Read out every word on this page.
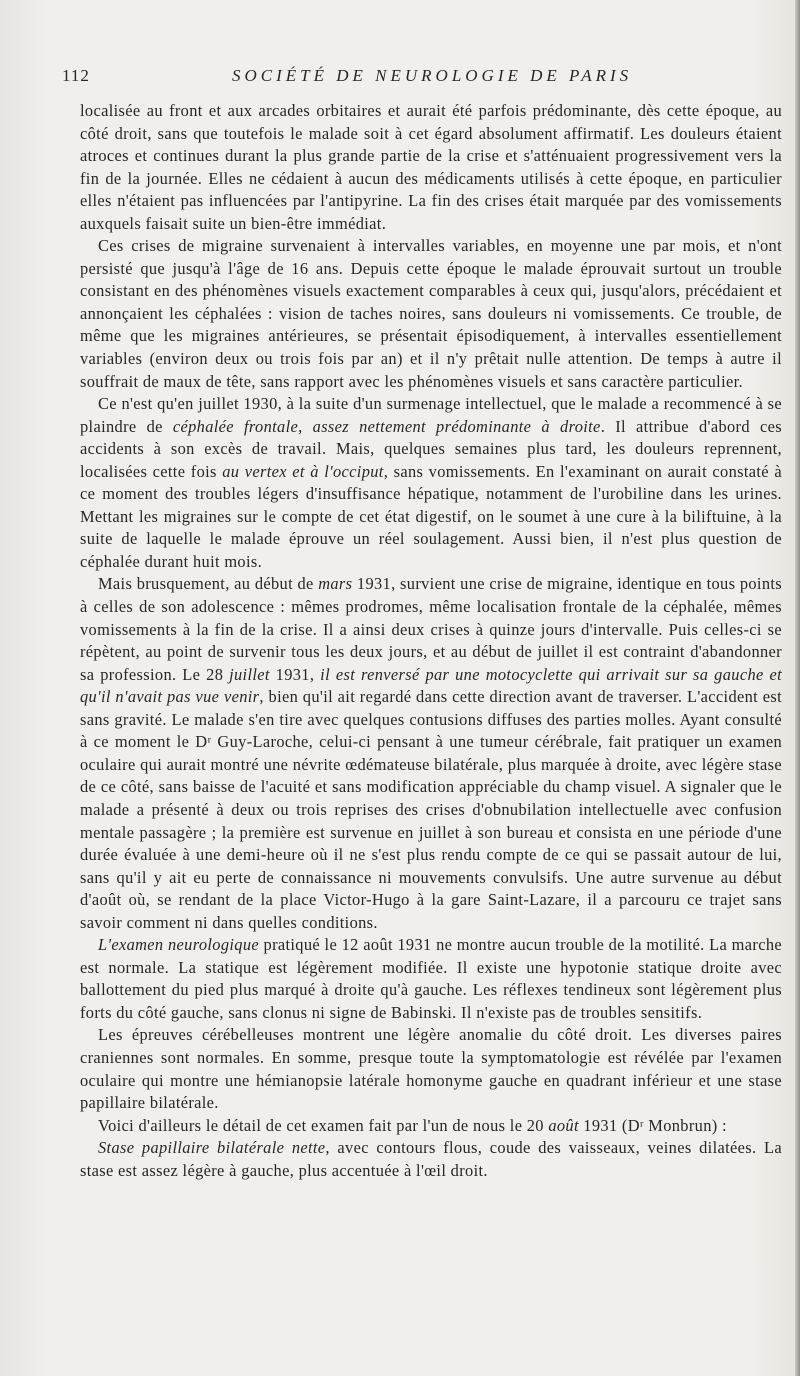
112	SOCIÉTÉ DE NEUROLOGIE DE PARIS

localisée au front et aux arcades orbitaires et aurait été parfois prédominante, dès cette époque, au côté droit, sans que toutefois le malade soit à cet égard absolument affirmatif. Les douleurs étaient atroces et continues durant la plus grande partie de la crise et s'atténuaient progressivement vers la fin de la journée. Elles ne cédaient à aucun des médicaments utilisés à cette époque, en particulier elles n'étaient pas influencées par l'antipyrine. La fin des crises était marquée par des vomissements auxquels faisait suite un bien-être immédiat.

Ces crises de migraine survenaient à intervalles variables, en moyenne une par mois, et n'ont persisté que jusqu'à l'âge de 16 ans. Depuis cette époque le malade éprouvait surtout un trouble consistant en des phénomènes visuels exactement comparables à ceux qui, jusqu'alors, précédaient et annonçaient les céphalées : vision de taches noires, sans douleurs ni vomissements. Ce trouble, de même que les migraines antérieures, se présentait épisodiquement, à intervalles essentiellement variables (environ deux ou trois fois par an) et il n'y prêtait nulle attention. De temps à autre il souffrait de maux de tête, sans rapport avec les phénomènes visuels et sans caractère particulier.

Ce n'est qu'en juillet 1930, à la suite d'un surmenage intellectuel, que le malade a recommencé à se plaindre de céphalée frontale, assez nettement prédominante à droite. Il attribue d'abord ces accidents à son excès de travail. Mais, quelques semaines plus tard, les douleurs reprennent, localisées cette fois au vertex et à l'occiput, sans vomissements. En l'examinant on aurait constaté à ce moment des troubles légers d'insuffisance hépatique, notamment de l'urobiline dans les urines. Mettant les migraines sur le compte de cet état digestif, on le soumet à une cure à la biliftuine, à la suite de laquelle le malade éprouve un réel soulagement. Aussi bien, il n'est plus question de céphalée durant huit mois.

Mais brusquement, au début de mars 1931, survient une crise de migraine, identique en tous points à celles de son adolescence : mêmes prodromes, même localisation frontale de la céphalée, mêmes vomissements à la fin de la crise. Il a ainsi deux crises à quinze jours d'intervalle. Puis celles-ci se répètent, au point de survenir tous les deux jours, et au début de juillet il est contraint d'abandonner sa profession. Le 28 juillet 1931, il est renversé par une motocyclette qui arrivait sur sa gauche et qu'il n'avait pas vue venir, bien qu'il ait regardé dans cette direction avant de traverser. L'accident est sans gravité. Le malade s'en tire avec quelques contusions diffuses des parties molles. Ayant consulté à ce moment le Dʳ Guy-Laroche, celui-ci pensant à une tumeur cérébrale, fait pratiquer un examen oculaire qui aurait montré une névrite œdémateuse bilatérale, plus marquée à droite, avec légère stase de ce côté, sans baisse de l'acuité et sans modification appréciable du champ visuel. A signaler que le malade a présenté à deux ou trois reprises des crises d'obnubilation intellectuelle avec confusion mentale passagère ; la première est survenue en juillet à son bureau et consista en une période d'une durée évaluée à une demi-heure où il ne s'est plus rendu compte de ce qui se passait autour de lui, sans qu'il y ait eu perte de connaissance ni mouvements convulsifs. Une autre survenue au début d'août où, se rendant de la place Victor-Hugo à la gare Saint-Lazare, il a parcouru ce trajet sans savoir comment ni dans quelles conditions.

L'examen neurologique pratiqué le 12 août 1931 ne montre aucun trouble de la motilité. La marche est normale. La statique est légèrement modifiée. Il existe une hypotonie statique droite avec ballottement du pied plus marqué à droite qu'à gauche. Les réflexes tendineux sont légèrement plus forts du côté gauche, sans clonus ni signe de Babinski. Il n'existe pas de troubles sensitifs.

Les épreuves cérébelleuses montrent une légère anomalie du côté droit. Les diverses paires craniennes sont normales. En somme, presque toute la symptomatologie est révélée par l'examen oculaire qui montre une hémianopsie latérale homonyme gauche en quadrant inférieur et une stase papillaire bilatérale.

Voici d'ailleurs le détail de cet examen fait par l'un de nous le 20 août 1931 (Dʳ Monbrun) :

Stase papillaire bilatérale nette, avec contours flous, coude des vaisseaux, veines dilatées. La stase est assez légère à gauche, plus accentuée à l'œil droit.
